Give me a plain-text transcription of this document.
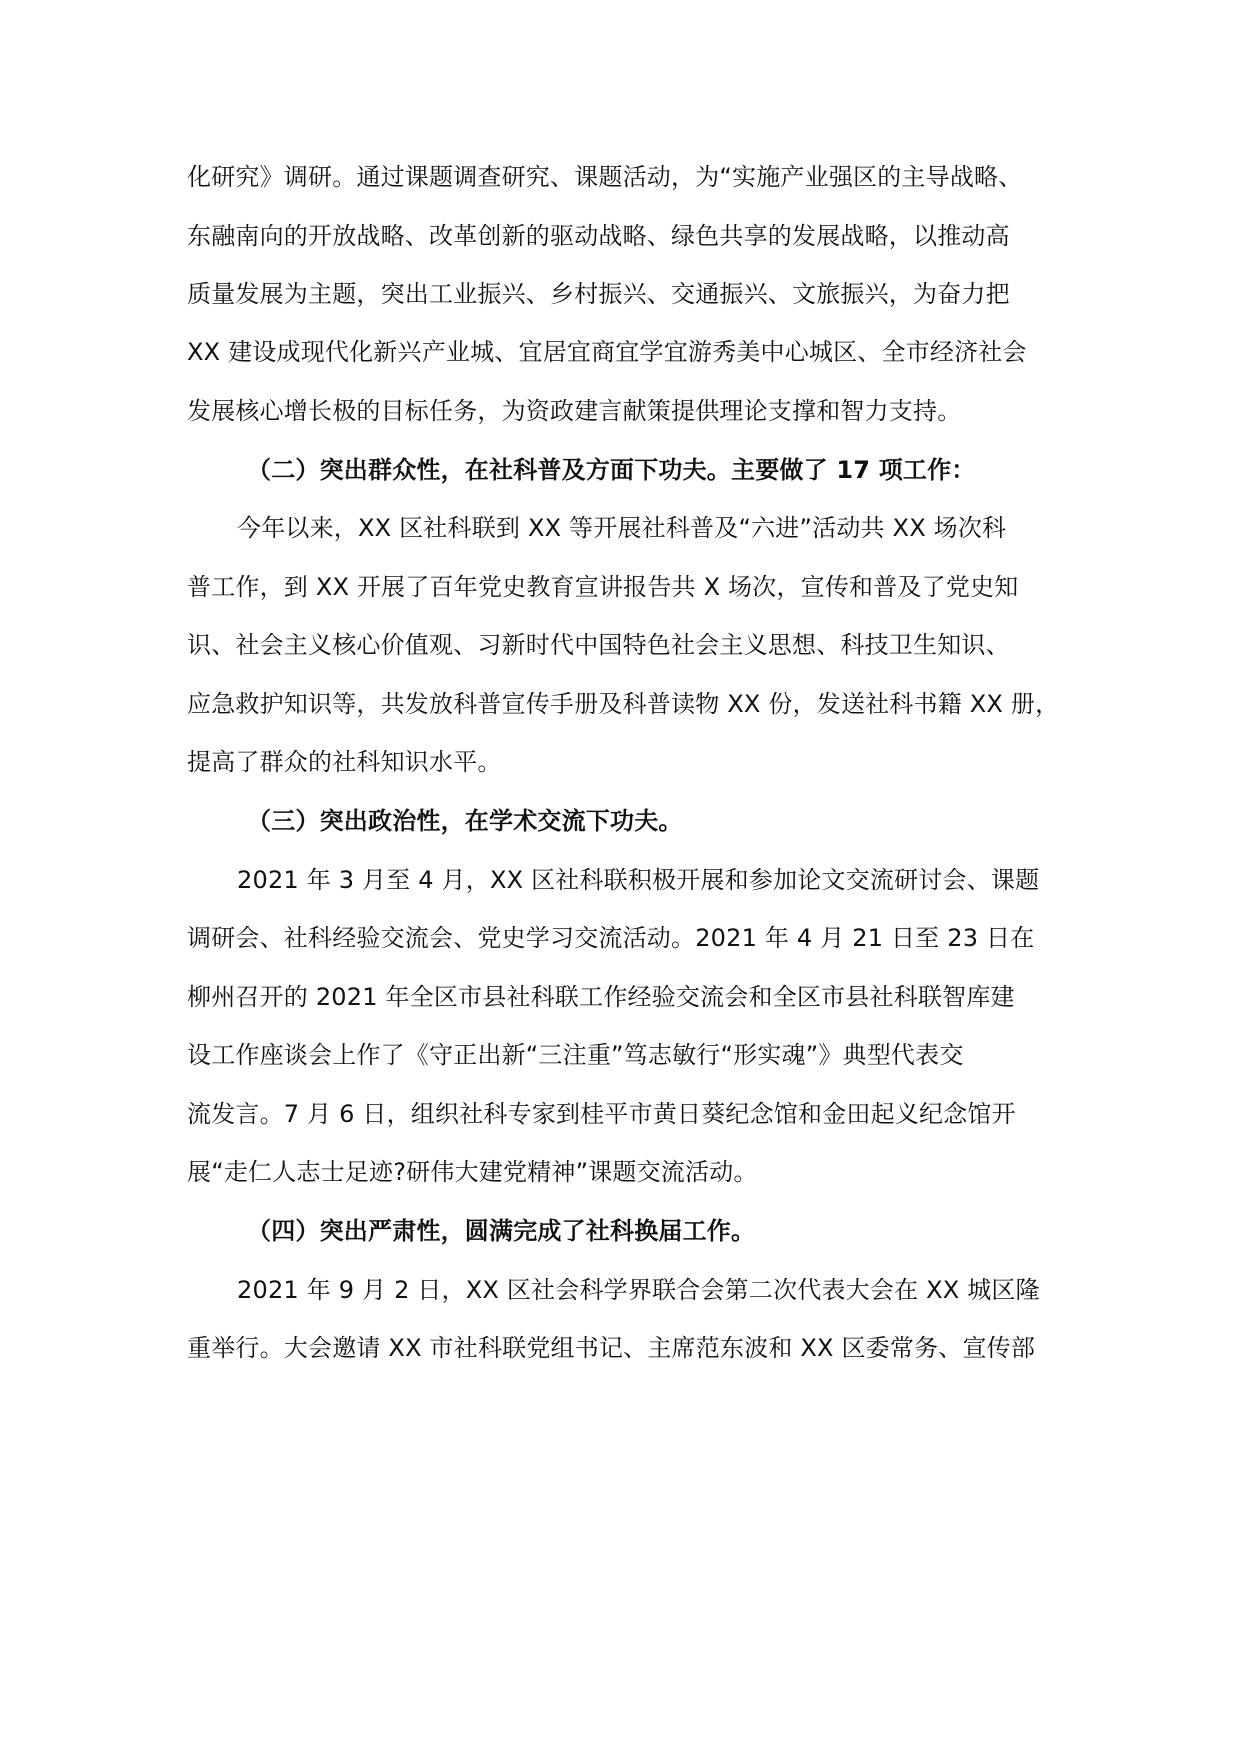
化研究》调研。通过课题调查研究、课题活动，为“实施产业强区的主导战略、
东融南向的开放战略、改革创新的驱动战略、绿色共享的发展战略，以推动高
质量发展为主题，突出工业振兴、乡村振兴、交通振兴、文旅振兴，为奋力把
XX 建设成现代化新兴产业城、宜居宜商宜学宜游秀美中心城区、全市经济社会
发展核心增长极的目标任务，为资政建言献策提供理论支撑和智力支持。
（二）突出群众性，在社科普及方面下功夫。主要做了 17 项工作：
今年以来，XX 区社科联到 XX 等开展社科普及“六进”活动共 XX 场次科
普工作，到 XX 开展了百年党史教育宣讲报告共 X 场次，宣传和普及了党史知
识、社会主义核心价值观、习新时代中国特色社会主义思想、科技卫生知识、
应急救护知识等，共发放科普宣传手册及科普读物 XX 份，发送社科书籍 XX 册，
提高了群众的社科知识水平。
（三）突出政治性，在学术交流下功夫。
2021 年 3 月至 4 月，XX 区社科联积极开展和参加论文交流研讨会、课题
调研会、社科经验交流会、党史学习交流活动。2021 年 4 月 21 日至 23 日在
柳州召开的 2021 年全区市县社科联工作经验交流会和全区市县社科联智库建
设工作座谈会上作了《守正出新“三注重”笃志敏行“形实魂”》典型代表交
流发言。7 月 6 日，组织社科专家到桂平市黄日葵纪念馆和金田起义纪念馆开
展“走仁人志士足迹?研伟大建党精神”课题交流活动。
（四）突出严肃性，圆满完成了社科换届工作。
2021 年 9 月 2 日，XX 区社会科学界联合会第二次代表大会在 XX 城区隆
重举行。大会邀请 XX 市社科联党组书记、主席范东波和 XX 区委常务、宣传部
